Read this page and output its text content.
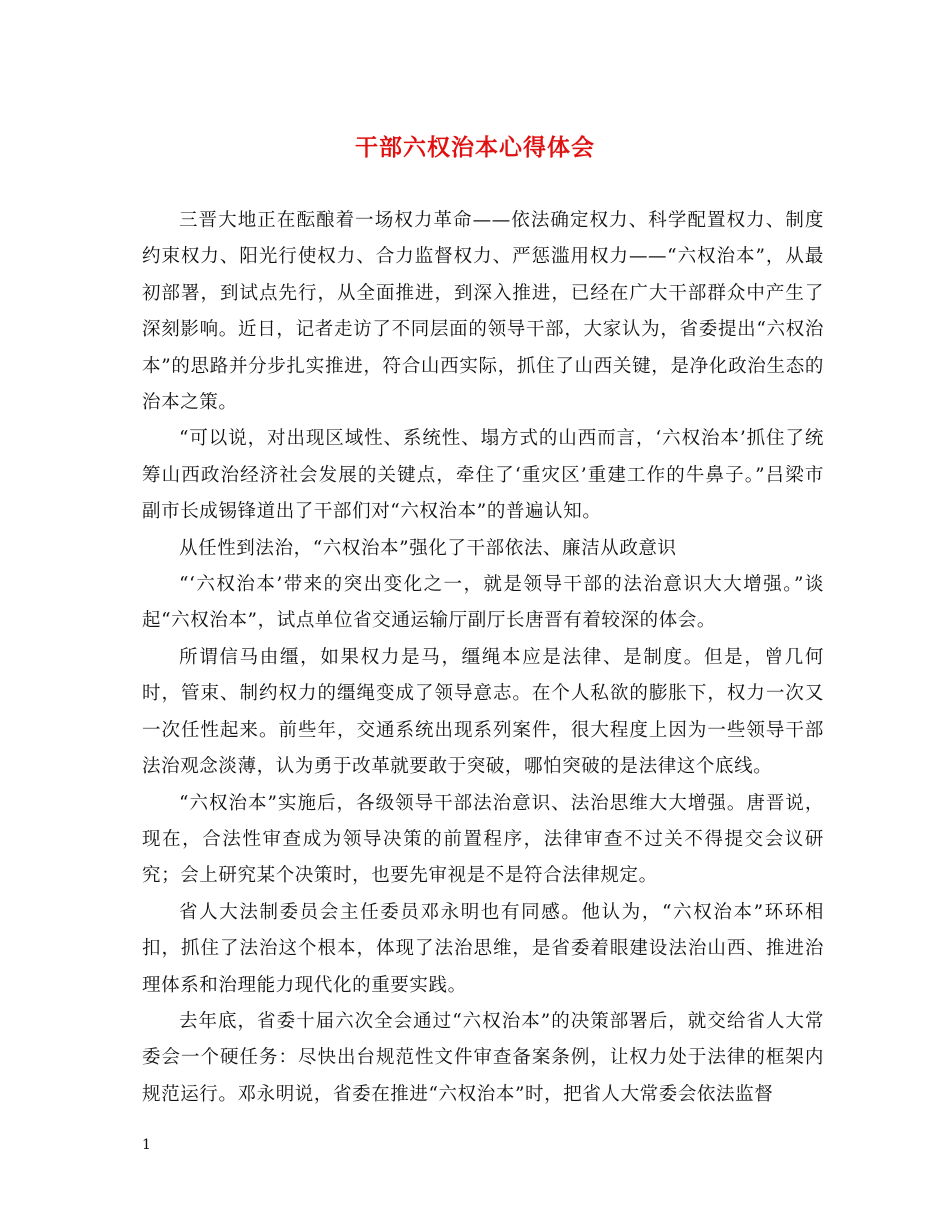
干部六权治本心得体会

三晋大地正在酝酿着一场权力革命——依法确定权力、科学配置权力、制度约束权力、阳光行使权力、合力监督权力、严惩滥用权力——“六权治本”，从最初部署，到试点先行，从全面推进，到深入推进，已经在广大干部群众中产生了深刻影响。近日，记者走访了不同层面的领导干部，大家认为，省委提出“六权治本”的思路并分步扎实推进，符合山西实际，抓住了山西关键，是净化政治生态的治本之策。

“可以说，对出现区域性、系统性、塌方式的山西而言，‘六权治本’抓住了统筹山西政治经济社会发展的关键点，牵住了‘重灾区’重建工作的牛鼻子。”吕梁市副市长成锡锋道出了干部们对“六权治本”的普遍认知。

从任性到法治，“六权治本”强化了干部依法、廉洁从政意识

“‘六权治本’带来的突出变化之一，就是领导干部的法治意识大大增强。”谈起“六权治本”，试点单位省交通运输厅副厅长唐晋有着较深的体会。

所谓信马由缰，如果权力是马，缰绳本应是法律、是制度。但是，曾几何时，管束、制约权力的缰绳变成了领导意志。在个人私欲的膨胀下，权力一次又一次任性起来。前些年，交通系统出现系列案件，很大程度上因为一些领导干部法治观念淡薄，认为勇于改革就要敢于突破，哪怕突破的是法律这个底线。

“六权治本”实施后，各级领导干部法治意识、法治思维大大增强。唐晋说，现在，合法性审查成为领导决策的前置程序，法律审查不过关不得提交会议研究；会上研究某个决策时，也要先审视是不是符合法律规定。

省人大法制委员会主任委员邓永明也有同感。他认为，“六权治本”环环相扣，抓住了法治这个根本，体现了法治思维，是省委着眼建设法治山西、推进治理体系和治理能力现代化的重要实践。

去年底，省委十届六次全会通过“六权治本”的决策部署后，就交给省人大常委会一个硬任务：尽快出台规范性文件审查备案条例，让权力处于法律的框架内规范运行。邓永明说，省委在推进“六权治本”时，把省人大常委会依法监督

1
